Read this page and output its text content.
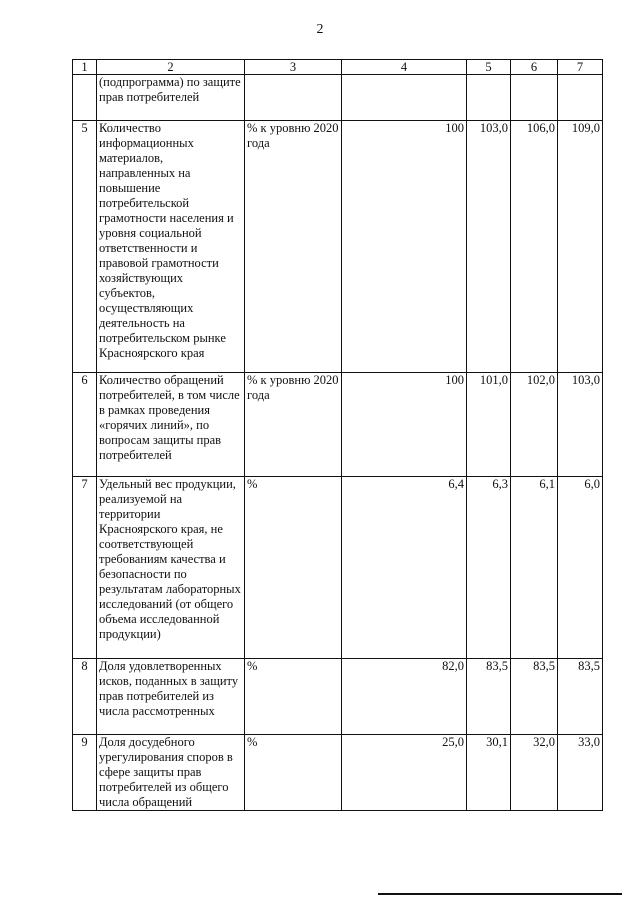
2
1	2	3	4	5	6	7
	(подпрограмма) по защите прав потребителей					
5	Количество информационных материалов, направленных на повышение потребительской грамотности населения и уровня социальной ответственности и правовой грамотности хозяйствующих субъектов, осуществляющих деятельность на потребительском рынке Красноярского края	% к уровню 2020 года	100	103,0	106,0	109,0
6	Количество обращений потребителей, в том числе в рамках проведения «горячих линий», по вопросам защиты прав потребителей	% к уровню 2020 года	100	101,0	102,0	103,0
7	Удельный вес продукции, реализуемой на территории Красноярского края, не соответствующей требованиям качества и безопасности по результатам лабораторных исследований (от общего объема исследованной продукции)	%	6,4	6,3	6,1	6,0
8	Доля удовлетворенных исков, поданных в защиту прав потребителей из числа рассмотренных	%	82,0	83,5	83,5	83,5
9	Доля досудебного урегулирования споров в сфере защиты прав потребителей из общего числа обращений	%	25,0	30,1	32,0	33,0
